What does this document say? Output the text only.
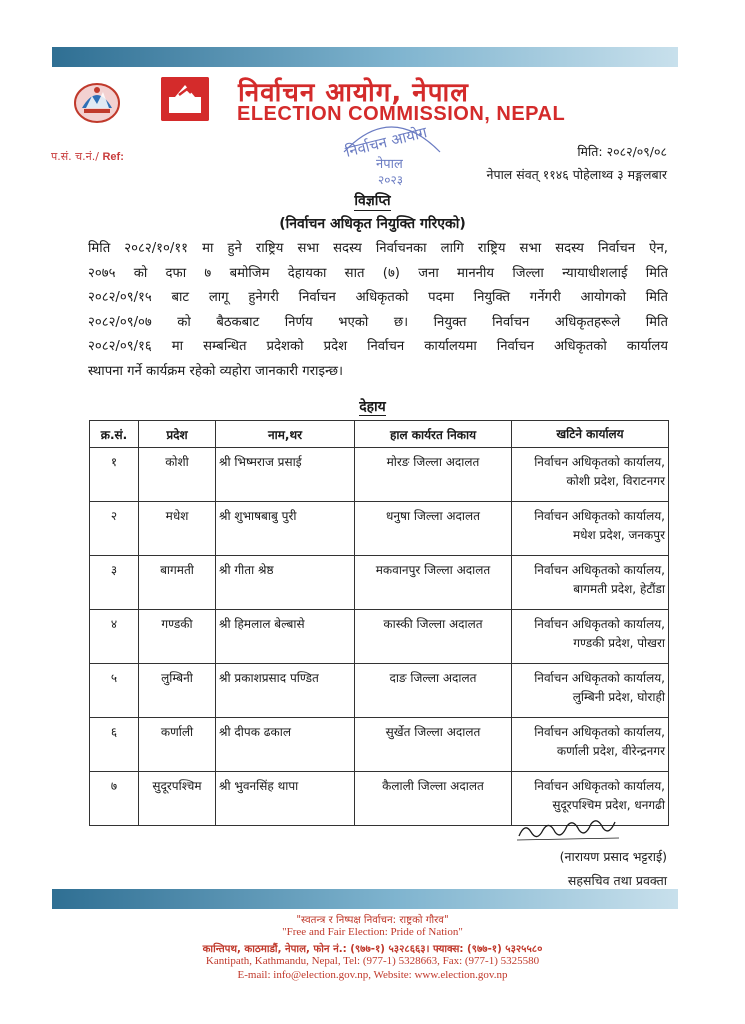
निर्वाचन आयोग, नेपाल
ELECTION COMMISSION, NEPAL
प.सं. च.नं./ Ref:	निर्वाचन आयोग
नेपाल
२०२३
मिति: २०८२/०९/०८
नेपाल संवत् ११४६ पोहेलाथ्व ३ मङ्गलबार
विज्ञप्ति
(निर्वाचन अधिकृत नियुक्ति गरिएको)
मिति २०८२/१०/११ मा हुने राष्ट्रिय सभा सदस्य निर्वाचनका लागि राष्ट्रिय सभा सदस्य निर्वाचन ऐन,
२०७५ को दफा ७ बमोजिम देहायका सात (७) जना माननीय जिल्ला न्यायाधीशलाई मिति
२०८२/०९/१५ बाट लागू हुनेगरी निर्वाचन अधिकृतको पदमा नियुक्ति गर्नेगरी आयोगको मिति
२०८२/०९/०७ को बैठकबाट निर्णय भएको छ। नियुक्त निर्वाचन अधिकृतहरूले मिति
२०८२/०९/१६ मा सम्बन्धित प्रदेशको प्रदेश निर्वाचन कार्यालयमा निर्वाचन अधिकृतको कार्यालय
स्थापना गर्ने कार्यक्रम रहेको व्यहोरा जानकारी गराइन्छ।
देहाय
क्र.सं.	प्रदेश	नाम,थर	हाल कार्यरत निकाय	खटिने कार्यालय

१	कोशी	श्री भिष्मराज प्रसाई	मोरङ जिल्ला अदालत	निर्वाचन अधिकृतको कार्यालय,
कोशी प्रदेश, विराटनगर

२	मधेश	श्री शुभाषबाबु पुरी	धनुषा जिल्ला अदालत	निर्वाचन अधिकृतको कार्यालय,
मधेश प्रदेश, जनकपुर

३	बागमती	श्री गीता श्रेष्ठ	मकवानपुर जिल्ला अदालत	निर्वाचन अधिकृतको कार्यालय,
बागमती प्रदेश, हेटौंडा

४	गण्डकी	श्री हिमलाल बेल्बासे	कास्की जिल्ला अदालत	निर्वाचन अधिकृतको कार्यालय,
गण्डकी प्रदेश, पोखरा

५	लुम्बिनी	श्री प्रकाशप्रसाद पण्डित	दाङ जिल्ला अदालत	निर्वाचन अधिकृतको कार्यालय,
लुम्बिनी प्रदेश, घोराही

६	कर्णाली	श्री दीपक ढकाल	सुर्खेत जिल्ला अदालत	निर्वाचन अधिकृतको कार्यालय,
कर्णाली प्रदेश, वीरेन्द्रनगर

७	सुदूरपश्चिम	श्री भुवनसिंह थापा	कैलाली जिल्ला अदालत	निर्वाचन अधिकृतको कार्यालय,
सुदूरपश्चिम प्रदेश, धनगढी
(नारायण प्रसाद भट्टराई)
सहसचिव तथा प्रवक्ता
"स्वतन्त्र र निष्पक्ष निर्वाचन: राष्ट्रको गौरव"
"Free and Fair Election: Pride of Nation"
कान्तिपथ, काठमाडौं, नेपाल, फोन नं.: (९७७-१) ५३२८६६३। फ्याक्स: (९७७-१) ५३२५५८०
Kantipath, Kathmandu, Nepal, Tel: (977-1) 5328663, Fax: (977-1) 5325580
E-mail: info@election.gov.np, Website: www.election.gov.np
